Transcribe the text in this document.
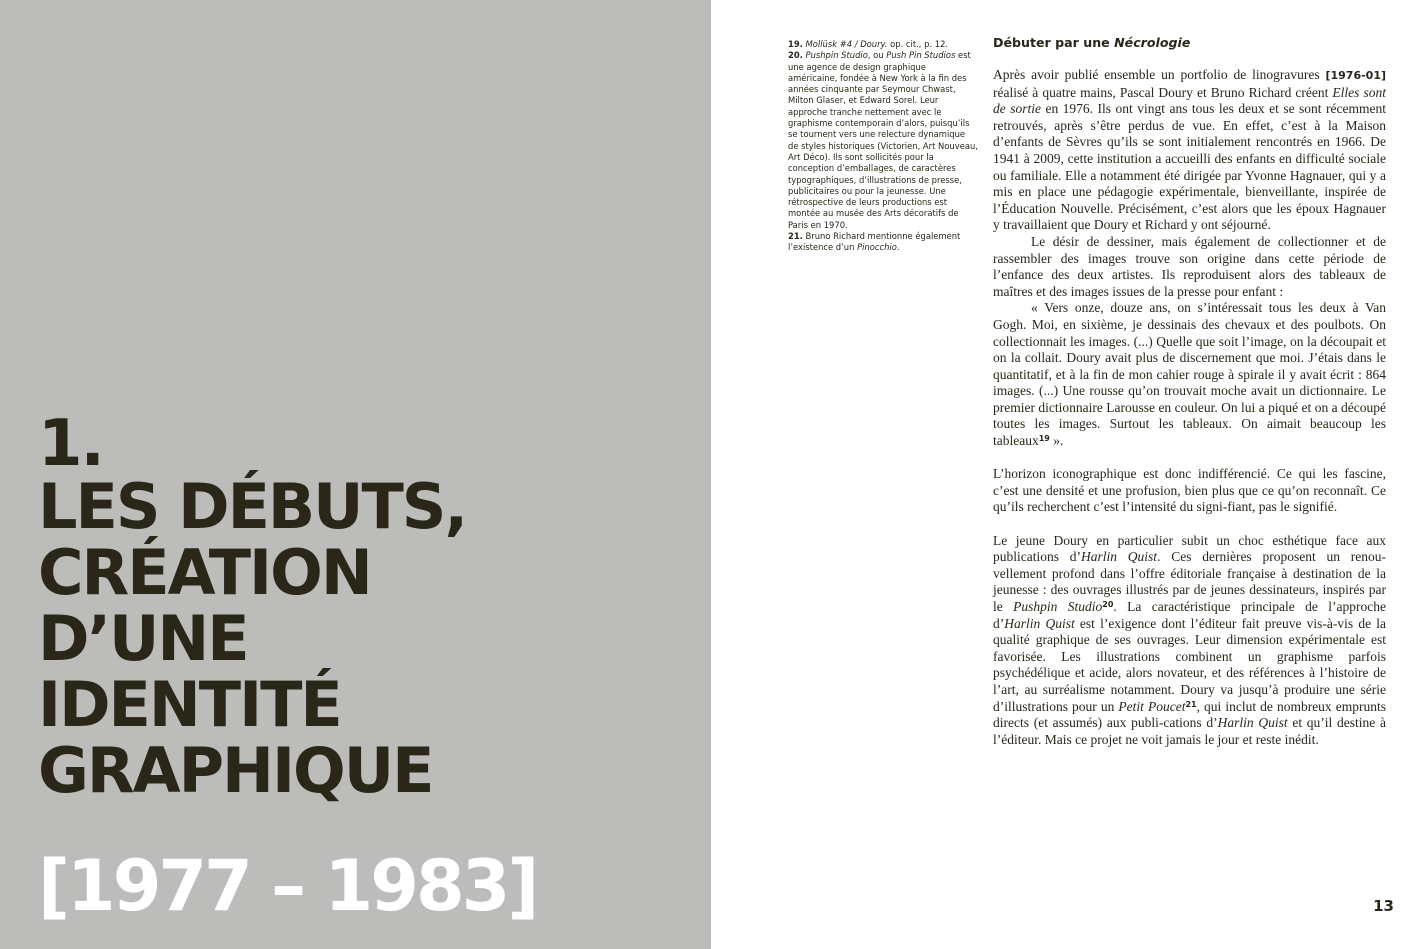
1.

LES DÉBUTS,
CRÉATION
D’UNE
IDENTITÉ
GRAPHIQUE

[1977 – 1983]

19. Mollüsk #4 / Doury. op. cit., p. 12.

20. Pushpin Studio, ou Push Pin Studios est une agence de design graphique américaine, fondée à New York à la fin des années cinquante par Seymour Chwast, Milton Glaser, et Edward Sorel. Leur approche tranche nettement avec le graphisme contemporain d’alors, puisqu’ils se tournent vers une relecture dynamique de styles historiques (Victorien, Art Nouveau, Art Déco). Ils sont sollicités pour la conception d’emballages, de caractères typographiques, d’illustrations de presse, publicitaires ou pour la jeunesse. Une rétrospective de leurs productions est montée au musée des Arts décoratifs de Paris en 1970.

21. Bruno Richard mentionne également l’existence d’un Pinocchio.

Débuter par une Nécrologie

Après avoir publié ensemble un portfolio de linogravures [1976-01] réalisé à quatre mains, Pascal Doury et Bruno Richard créent Elles sont de sortie en 1976. Ils ont vingt ans tous les deux et se sont récemment retrouvés, après s’être perdus de vue. En effet, c’est à la Maison d’enfants de Sèvres qu’ils se sont initialement rencontrés en 1966. De 1941 à 2009, cette institution a accueilli des enfants en difficulté sociale ou familiale. Elle a notamment été dirigée par Yvonne Hagnauer, qui y a mis en place une pédagogie expérimentale, bienveillante, inspirée de l’Éducation Nouvelle. Précisément, c’est alors que les époux Hagnauer y travaillaient que Doury et Richard y ont séjourné.

Le désir de dessiner, mais également de collectionner et de rassembler des images trouve son origine dans cette période de l’enfance des deux artistes. Ils reproduisent alors des tableaux de maîtres et des images issues de la presse pour enfant :

« Vers onze, douze ans, on s’intéressait tous les deux à Van Gogh. Moi, en sixième, je dessinais des chevaux et des poulbots. On collectionnait les images. (...) Quelle que soit l’image, on la découpait et on la collait. Doury avait plus de discernement que moi. J’étais dans le quantitatif, et à la fin de mon cahier rouge à spirale il y avait écrit : 864 images. (...) Une rousse qu’on trouvait moche avait un dictionnaire. Le premier dictionnaire Larousse en couleur. On lui a piqué et on a découpé toutes les images. Surtout les tableaux. On aimait beaucoup les tableaux$^{19}$ ».

L’horizon iconographique est donc indifférencié. Ce qui les fascine, c’est une densité et une profusion, bien plus que ce qu’on reconnaît. Ce qu’ils recherchent c’est l’intensité du signi-fiant, pas le signifié.

Le jeune Doury en particulier subit un choc esthétique face aux publications d’Harlin Quist. Ces dernières proposent un renou-vellement profond dans l’offre éditoriale française à destination de la jeunesse : des ouvrages illustrés par de jeunes dessinateurs, inspirés par le Pushpin Studio$^{20}$. La caractéristique principale de l’approche d’Harlin Quist est l’exigence dont l’éditeur fait preuve vis-à-vis de la qualité graphique de ses ouvrages. Leur dimension expérimentale est favorisée. Les illustrations combinent un graphisme parfois psychédélique et acide, alors novateur, et des références à l’histoire de l’art, au surréalisme notamment. Doury va jusqu’à produire une série d’illustrations pour un Petit Poucet$^{21}$, qui inclut de nombreux emprunts directs (et assumés) aux publi-cations d’Harlin Quist et qu’il destine à l’éditeur. Mais ce projet ne voit jamais le jour et reste inédit.

13
